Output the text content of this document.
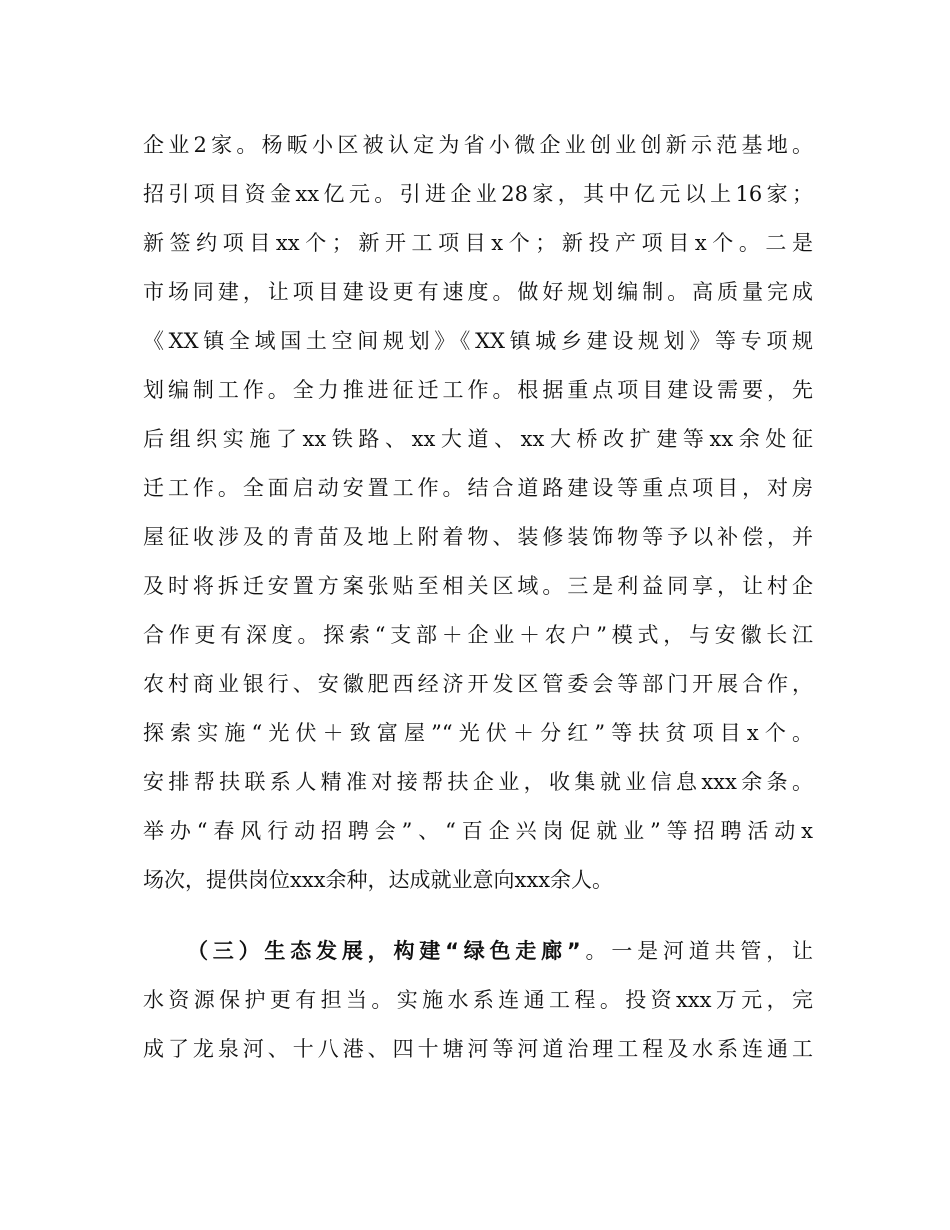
企业2家。杨畈小区被认定为省小微企业创业创新示范基地。
招引项目资金xx亿元。引进企业28家，其中亿元以上16家；
新签约项目xx个；新开工项目x个；新投产项目x个。二是
市场同建，让项目建设更有速度。做好规划编制。高质量完成
《XX镇全域国土空间规划》《XX镇城乡建设规划》等专项规
划编制工作。全力推进征迁工作。根据重点项目建设需要，先
后组织实施了xx铁路、xx大道、xx大桥改扩建等xx余处征
迁工作。全面启动安置工作。结合道路建设等重点项目，对房
屋征收涉及的青苗及地上附着物、装修装饰物等予以补偿，并
及时将拆迁安置方案张贴至相关区域。三是利益同享，让村企
合作更有深度。探索“支部＋企业＋农户”模式，与安徽长江
农村商业银行、安徽肥西经济开发区管委会等部门开展合作，
探索实施“光伏＋致富屋”“光伏＋分红”等扶贫项目x个。
安排帮扶联系人精准对接帮扶企业，收集就业信息xxx余条。
举办“春风行动招聘会”、“百企兴岗促就业”等招聘活动x
场次，提供岗位xxx余种，达成就业意向xxx余人。
（三）生态发展，构建“绿色走廊”。一是河道共管，让
水资源保护更有担当。实施水系连通工程。投资xxx万元，完
成了龙泉河、十八港、四十塘河等河道治理工程及水系连通工
